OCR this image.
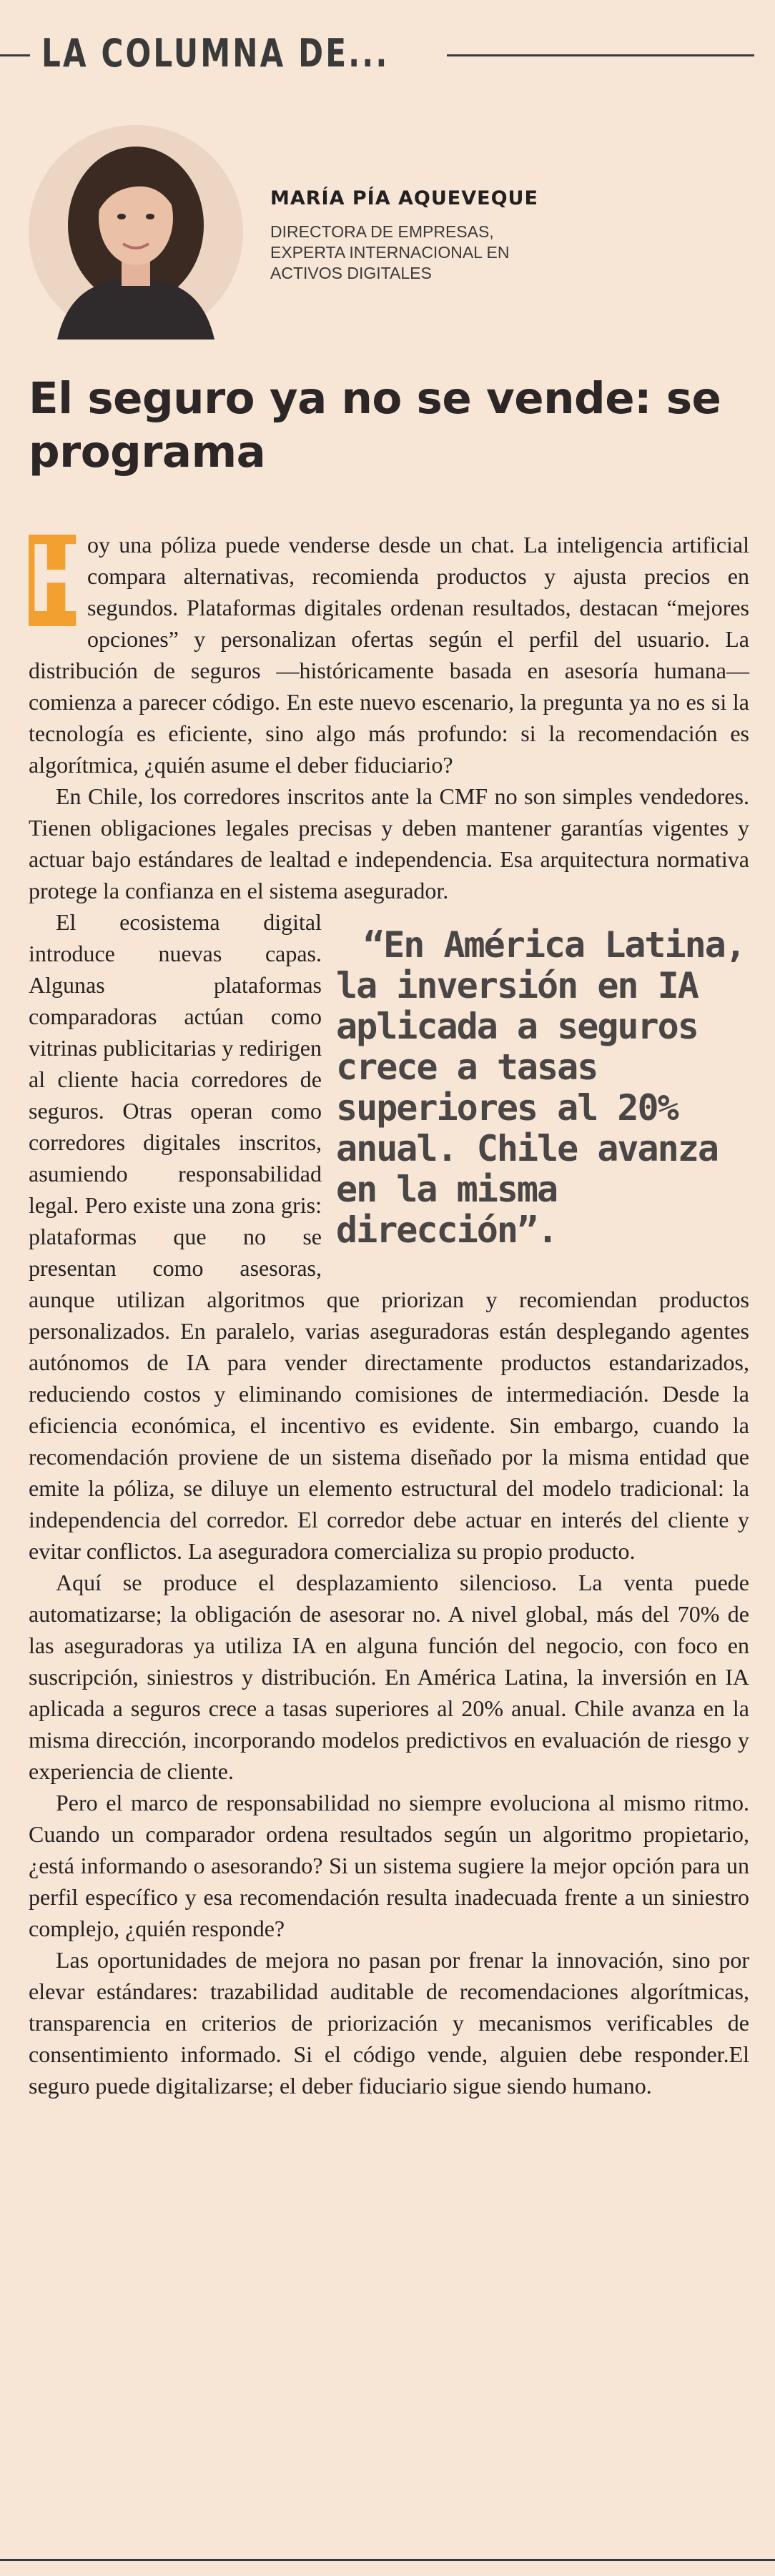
LA COLUMNA DE...
MARÍA PÍA AQUEVEQUE
DIRECTORA DE EMPRESAS, EXPERTA INTERNACIONAL EN ACTIVOS DIGITALES
El seguro ya no se vende: se programa

H oy una póliza puede venderse desde un chat. La inteligencia artificial compara alternativas, recomienda productos y ajusta precios en segundos. Plataformas digitales ordenan resultados, destacan “mejores opciones” y personalizan ofertas según el perfil del usuario. La distribución de seguros —históricamente basada en asesoría humana— comienza a parecer código. En este nuevo escenario, la pregunta ya no es si la tecnología es eficiente, sino algo más profundo: si la recomendación es algorítmica, ¿quién asume el deber fiduciario?

En Chile, los corredores inscritos ante la CMF no son simples vendedores. Tienen obligaciones legales precisas y deben mantener garantías vigentes y actuar bajo estándares de lealtad e independencia. Esa arquitectura normativa protege la confianza en el sistema asegurador.

“En América Latina, la inversión en IA aplicada a seguros crece a tasas superiores al 20% anual. Chile avanza en la misma dirección”.
El ecosistema digital introduce nuevas capas. Algunas plataformas comparadoras actúan como vitrinas publicitarias y redirigen al cliente hacia corredores de seguros. Otras operan como corredores digitales inscritos, asumiendo responsabilidad legal. Pero existe una zona gris: plataformas que no se presentan como asesoras, aunque utilizan algoritmos que priorizan y recomiendan productos personalizados. En paralelo, varias aseguradoras están desplegando agentes autónomos de IA para vender directamente productos estandarizados, reduciendo costos y eliminando comisiones de intermediación. Desde la eficiencia económica, el incentivo es evidente. Sin embargo, cuando la recomendación proviene de un sistema diseñado por la misma entidad que emite la póliza, se diluye un elemento estructural del modelo tradicional: la independencia del corredor. El corredor debe actuar en interés del cliente y evitar conflictos. La aseguradora comercializa su propio producto.

Aquí se produce el desplazamiento silencioso. La venta puede automatizarse; la obligación de asesorar no. A nivel global, más del 70% de las aseguradoras ya utiliza IA en alguna función del negocio, con foco en suscripción, siniestros y distribución. En América Latina, la inversión en IA aplicada a seguros crece a tasas superiores al 20% anual. Chile avanza en la misma dirección, incorporando modelos predictivos en evaluación de riesgo y experiencia de cliente.

Pero el marco de responsabilidad no siempre evoluciona al mismo ritmo. Cuando un comparador ordena resultados según un algoritmo propietario, ¿está informando o asesorando? Si un sistema sugiere la mejor opción para un perfil específico y esa recomendación resulta inadecuada frente a un siniestro complejo, ¿quién responde?

Las oportunidades de mejora no pasan por frenar la innovación, sino por elevar estándares: trazabilidad auditable de recomendaciones algorítmicas, transparencia en criterios de priorización y mecanismos verificables de consentimiento informado. Si el código vende, alguien debe responder.El seguro puede digitalizarse; el deber fiduciario sigue siendo humano.
